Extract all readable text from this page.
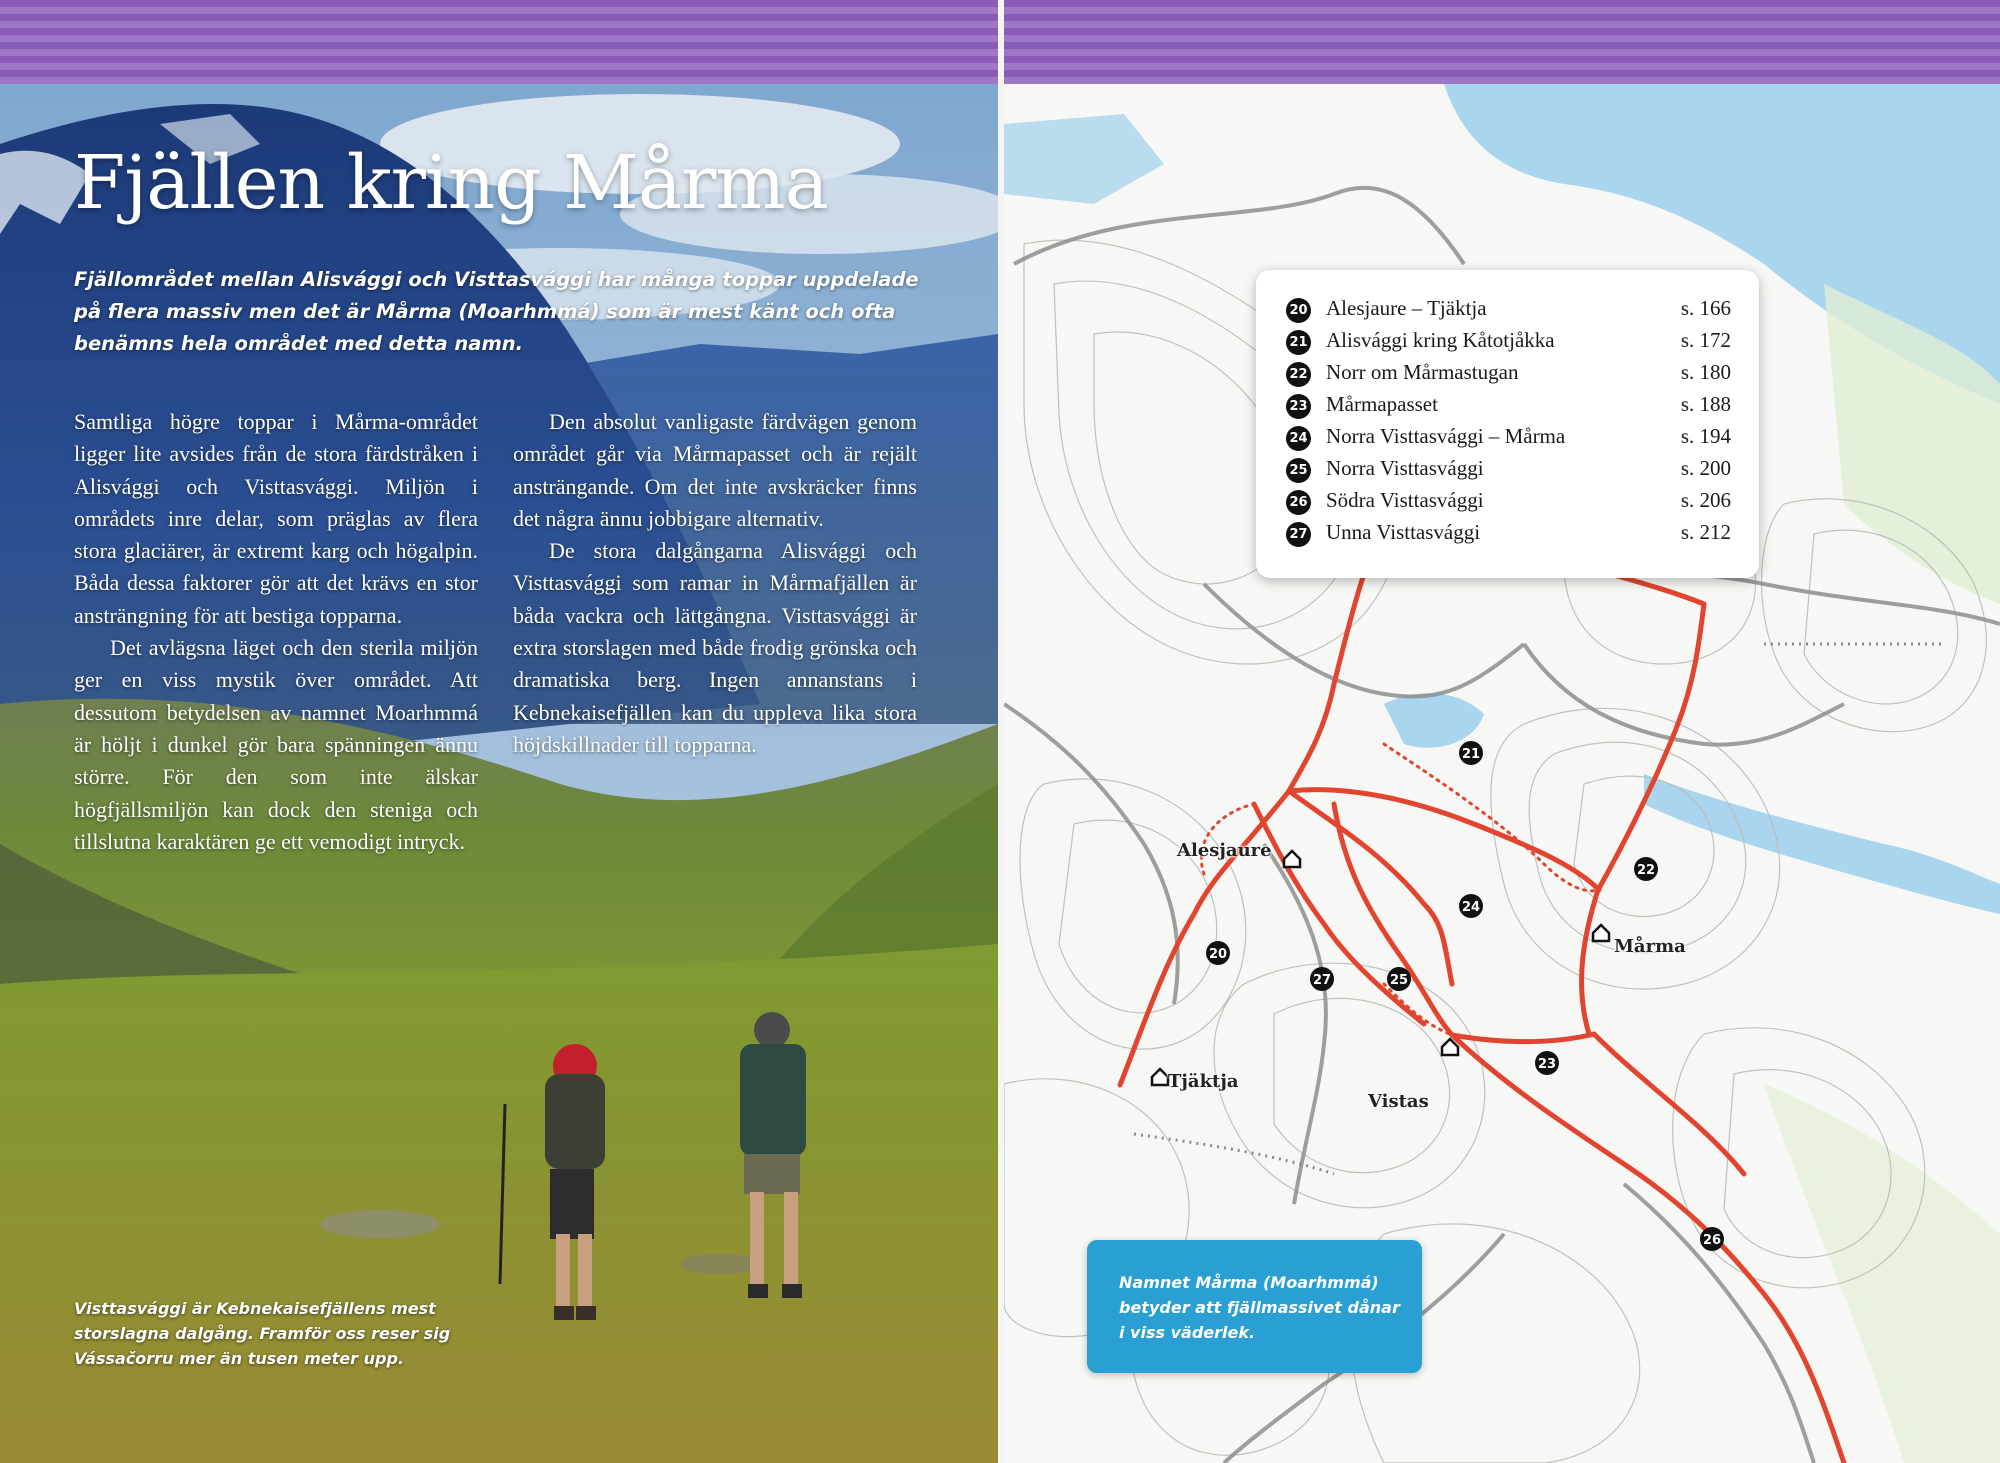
Fjällen kring Mårma

Fjällområdet mellan Alisvággi och Visttasvággi har många toppar uppdelade på flera massiv men det är Mårma (Moarhmmá) som är mest känt och ofta benämns hela området med detta namn.

Samtliga högre toppar i Mårma-området ligger lite avsides från de stora färdstråken i Alisvággi och Visttasvággi. Miljön i områdets inre delar, som präglas av flera stora glaciärer, är extremt karg och högalpin. Båda dessa faktorer gör att det krävs en stor ansträngning för att bestiga topparna.

Det avlägsna läget och den sterila miljön ger en viss mystik över området. Att dessutom betydelsen av namnet Moarhmmá är höljt i dunkel gör bara spänningen ännu större. För den som inte älskar högfjällsmiljön kan dock den steniga och tillslutna karaktären ge ett vemodigt intryck.

Den absolut vanligaste färdvägen genom området går via Mårmapasset och är rejält ansträngande. Om det inte avskräcker finns det några ännu jobbigare alternativ.

De stora dalgångarna Alisvággi och Visttasvággi som ramar in Mårmafjällen är båda vackra och lättgångna. Visttasvággi är extra storslagen med både frodig grönska och dramatiska berg. Ingen annanstans i Kebnekaisefjällen kan du uppleva lika stora höjdskillnader till topparna.

Visttasvággi är Kebnekaisefjällens mest storslagna dalgång. Framför oss reser sig Vássačorru mer än tusen meter upp.

21
22
24
20
27	25
23
26
Alesjaure
Mårma
Tjäktja
Vistas
20 Alesjaure – Tjäktja	s. 166
21 Alisvággi kring Kåtotjåkka	s. 172
22 Norr om Mårmastugan	s. 180
23 Mårmapasset	s. 188
24 Norra Visttasvággi – Mårma	s. 194
25 Norra Visttasvággi	s. 200
26 Södra Visttasvággi	s. 206
27 Unna Visttasvággi	s. 212

Namnet Mårma (Moarhmmá) betyder att fjällmassivet dånar i viss väderlek.
